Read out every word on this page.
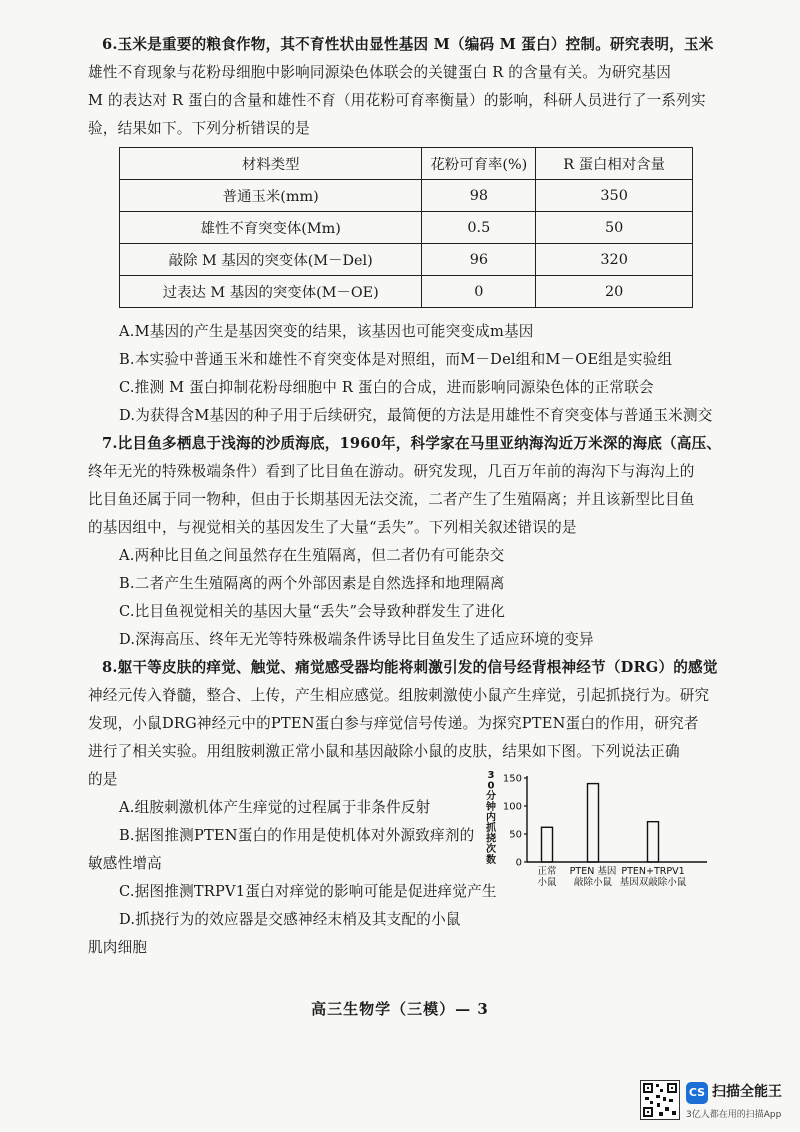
6.玉米是重要的粮食作物，其不育性状由显性基因 M（编码 M 蛋白）控制。研究表明，玉米
雄性不育现象与花粉母细胞中影响同源染色体联会的关键蛋白 R 的含量有关。为研究基因
M 的表达对 R 蛋白的含量和雄性不育（用花粉可育率衡量）的影响，科研人员进行了一系列实
验，结果如下。下列分析错误的是
材料类型	花粉可育率(%)	R 蛋白相对含量
普通玉米(mm)	98	350
雄性不育突变体(Mm)	0.5	50
敲除 M 基因的突变体(M－Del)	96	320
过表达 M 基因的突变体(M－OE)	0	20
A.M基因的产生是基因突变的结果，该基因也可能突变成m基因
B.本实验中普通玉米和雄性不育突变体是对照组，而M－Del组和M－OE组是实验组
C.推测 M 蛋白抑制花粉母细胞中 R 蛋白的合成，进而影响同源染色体的正常联会
D.为获得含M基因的种子用于后续研究，最简便的方法是用雄性不育突变体与普通玉米测交
7.比目鱼多栖息于浅海的沙质海底，1960年，科学家在马里亚纳海沟近万米深的海底（高压、
终年无光的特殊极端条件）看到了比目鱼在游动。研究发现，几百万年前的海沟下与海沟上的
比目鱼还属于同一物种，但由于长期基因无法交流，二者产生了生殖隔离；并且该新型比目鱼
的基因组中，与视觉相关的基因发生了大量“丢失”。下列相关叙述错误的是
A.两种比目鱼之间虽然存在生殖隔离，但二者仍有可能杂交
B.二者产生生殖隔离的两个外部因素是自然选择和地理隔离
C.比目鱼视觉相关的基因大量“丢失”会导致种群发生了进化
D.深海高压、终年无光等特殊极端条件诱导比目鱼发生了适应环境的变异
8.躯干等皮肤的痒觉、触觉、痛觉感受器均能将刺激引发的信号经背根神经节（DRG）的感觉
神经元传入脊髓，整合、上传，产生相应感觉。组胺刺激使小鼠产生痒觉，引起抓挠行为。研究
发现，小鼠DRG神经元中的PTEN蛋白参与痒觉信号传递。为探究PTEN蛋白的作用，研究者
进行了相关实验。用组胺刺激正常小鼠和基因敲除小鼠的皮肤，结果如下图。下列说法正确
的是
A.组胺刺激机体产生痒觉的过程属于非条件反射
B.据图推测PTEN蛋白的作用是使机体对外源致痒剂的
敏感性增高
C.据图推测TRPV1蛋白对痒觉的影响可能是促进痒觉产生
D.抓挠行为的效应器是交感神经末梢及其支配的小鼠
肌肉细胞
3
0
分
钟
内
抓
挠
次
数 0
50
100
150
正常
小鼠
PTEN 基因
敲除小鼠
PTEN+TRPV1
基因双敲除小鼠
高三生物学（三模）— 3
CS 扫描全能王
3亿人都在用的扫描App
